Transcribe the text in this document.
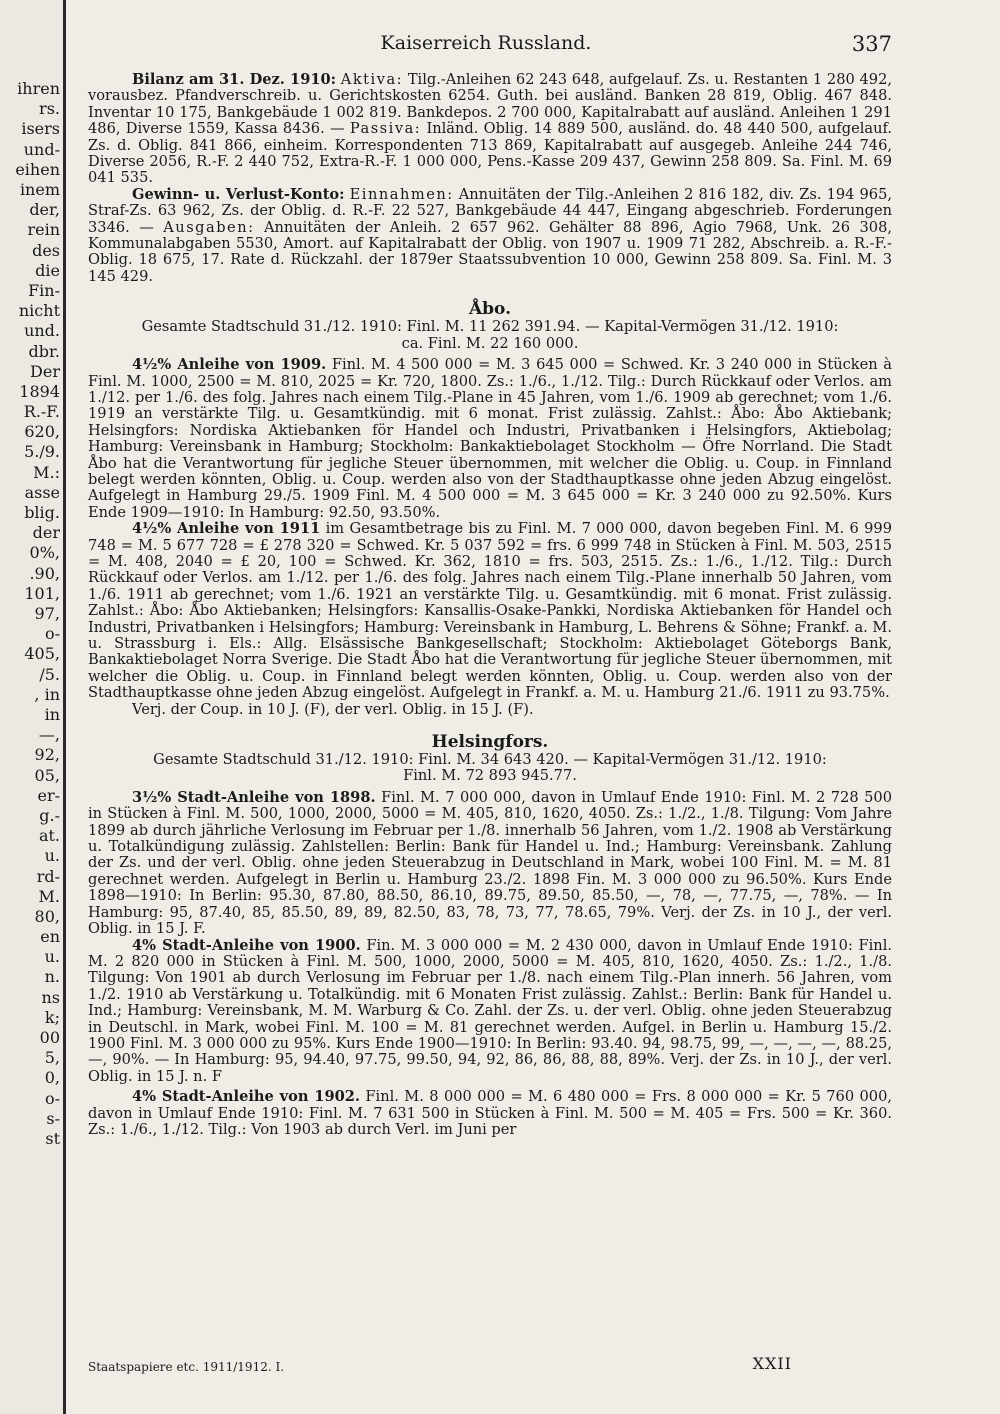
ihren
rs.
isers
und-
eihen
inem
der,
rein
des
die
Fin-
nicht
und.
dbr.
Der
1894
R.-F.
620,
5./9.
M.:
asse
blig.
der
0%,
.90,
101,
97,
o-
405,
/5.
, in
in
—,
92,
05,
er-
g.-
at.
u.
rd-
M.
80,
en
u.
n.
ns
k;
00
5,
0,
o-
s-
st
Kaiserreich Russland.	337

Bilanz am 31. Dez. 1910: Aktiva: Tilg.-Anleihen 62 243 648, aufgelauf. Zs. u. Restanten 1 280 492, vorausbez. Pfandverschreib. u. Gerichtskosten 6254. Guth. bei ausländ. Banken 28 819, Oblig. 467 848. Inventar 10 175, Bankgebäude 1 002 819. Bankdepos. 2 700 000, Kapitalrabatt auf ausländ. Anleihen 1 291 486, Diverse 1559, Kassa 8436. — Passiva: Inländ. Oblig. 14 889 500, ausländ. do. 48 440 500, aufgelauf. Zs. d. Oblig. 841 866, einheim. Korrespondenten 713 869, Kapitalrabatt auf ausgegeb. Anleihe 244 746, Diverse 2056, R.-F. 2 440 752, Extra-R.-F. 1 000 000, Pens.-Kasse 209 437, Gewinn 258 809. Sa. Finl. M. 69 041 535.

Gewinn- u. Verlust-Konto: Einnahmen: Annuitäten der Tilg.-Anleihen 2 816 182, div. Zs. 194 965, Straf-Zs. 63 962, Zs. der Oblig. d. R.-F. 22 527, Bankgebäude 44 447, Eingang abgeschrieb. Forderungen 3346. — Ausgaben: Annuitäten der Anleih. 2 657 962. Gehälter 88 896, Agio 7968, Unk. 26 308, Kommunalabgaben 5530, Amort. auf Kapitalrabatt der Oblig. von 1907 u. 1909 71 282, Abschreib. a. R.-F.-Oblig. 18 675, 17. Rate d. Rückzahl. der 1879er Staatssubvention 10 000, Gewinn 258 809. Sa. Finl. M. 3 145 429.

Åbo.

Gesamte Stadtschuld 31./12. 1910: Finl. M. 11 262 391.94. — Kapital-Vermögen 31./12. 1910:

ca. Finl. M. 22 160 000.

4½% Anleihe von 1909. Finl. M. 4 500 000 = M. 3 645 000 = Schwed. Kr. 3 240 000 in Stücken à Finl. M. 1000, 2500 = M. 810, 2025 = Kr. 720, 1800. Zs.: 1./6., 1./12. Tilg.: Durch Rückkauf oder Verlos. am 1./12. per 1./6. des folg. Jahres nach einem Tilg.-Plane in 45 Jahren, vom 1./6. 1909 ab gerechnet; vom 1./6. 1919 an verstärkte Tilg. u. Gesamtkündig. mit 6 monat. Frist zulässig. Zahlst.: Åbo: Åbo Aktiebank; Helsingfors: Nordiska Aktiebanken för Handel och Industri, Privatbanken i Helsingfors, Aktiebolag; Hamburg: Vereinsbank in Hamburg; Stockholm: Bankaktiebolaget Stockholm — Öfre Norrland. Die Stadt Åbo hat die Verantwortung für jegliche Steuer übernommen, mit welcher die Oblig. u. Coup. in Finnland belegt werden könnten, Oblig. u. Coup. werden also von der Stadthauptkasse ohne jeden Abzug eingelöst. Aufgelegt in Hamburg 29./5. 1909 Finl. M. 4 500 000 = M. 3 645 000 = Kr. 3 240 000 zu 92.50%. Kurs Ende 1909—1910: In Hamburg: 92.50, 93.50%.

4½% Anleihe von 1911 im Gesamtbetrage bis zu Finl. M. 7 000 000, davon begeben Finl. M. 6 999 748 = M. 5 677 728 = £ 278 320 = Schwed. Kr. 5 037 592 = frs. 6 999 748 in Stücken à Finl. M. 503, 2515 = M. 408, 2040 = £ 20, 100 = Schwed. Kr. 362, 1810 = frs. 503, 2515. Zs.: 1./6., 1./12. Tilg.: Durch Rückkauf oder Verlos. am 1./12. per 1./6. des folg. Jahres nach einem Tilg.-Plane innerhalb 50 Jahren, vom 1./6. 1911 ab gerechnet; vom 1./6. 1921 an verstärkte Tilg. u. Gesamtkündig. mit 6 monat. Frist zulässig. Zahlst.: Åbo: Åbo Aktiebanken; Helsingfors: Kansallis-Osake-Pankki, Nordiska Aktiebanken för Handel och Industri, Privatbanken i Helsingfors; Hamburg: Vereinsbank in Hamburg, L. Behrens & Söhne; Frankf. a. M. u. Strassburg i. Els.: Allg. Elsässische Bankgesellschaft; Stockholm: Aktiebolaget Göteborgs Bank, Bankaktiebolaget Norra Sverige. Die Stadt Åbo hat die Verantwortung für jegliche Steuer übernommen, mit welcher die Oblig. u. Coup. in Finnland belegt werden könnten, Oblig. u. Coup. werden also von der Stadthauptkasse ohne jeden Abzug eingelöst. Aufgelegt in Frankf. a. M. u. Hamburg 21./6. 1911 zu 93.75%.

Verj. der Coup. in 10 J. (F), der verl. Oblig. in 15 J. (F).

Helsingfors.

Gesamte Stadtschuld 31./12. 1910: Finl. M. 34 643 420. — Kapital-Vermögen 31./12. 1910:

Finl. M. 72 893 945.77.

3½% Stadt-Anleihe von 1898. Finl. M. 7 000 000, davon in Umlauf Ende 1910: Finl. M. 2 728 500 in Stücken à Finl. M. 500, 1000, 2000, 5000 = M. 405, 810, 1620, 4050. Zs.: 1./2., 1./8. Tilgung: Vom Jahre 1899 ab durch jährliche Verlosung im Februar per 1./8. innerhalb 56 Jahren, vom 1./2. 1908 ab Verstärkung u. Totalkündigung zulässig. Zahlstellen: Berlin: Bank für Handel u. Ind.; Hamburg: Vereinsbank. Zahlung der Zs. und der verl. Oblig. ohne jeden Steuerabzug in Deutschland in Mark, wobei 100 Finl. M. = M. 81 gerechnet werden. Aufgelegt in Berlin u. Hamburg 23./2. 1898 Fin. M. 3 000 000 zu 96.50%. Kurs Ende 1898—1910: In Berlin: 95.30, 87.80, 88.50, 86.10, 89.75, 89.50, 85.50, —, 78, —, 77.75, —, 78%. — In Hamburg: 95, 87.40, 85, 85.50, 89, 89, 82.50, 83, 78, 73, 77, 78.65, 79%. Verj. der Zs. in 10 J., der verl. Oblig. in 15 J. F.

4% Stadt-Anleihe von 1900. Fin. M. 3 000 000 = M. 2 430 000, davon in Umlauf Ende 1910: Finl. M. 2 820 000 in Stücken à Finl. M. 500, 1000, 2000, 5000 = M. 405, 810, 1620, 4050. Zs.: 1./2., 1./8. Tilgung: Von 1901 ab durch Verlosung im Februar per 1./8. nach einem Tilg.-Plan innerh. 56 Jahren, vom 1./2. 1910 ab Verstärkung u. Totalkündig. mit 6 Monaten Frist zulässig. Zahlst.: Berlin: Bank für Handel u. Ind.; Hamburg: Vereinsbank, M. M. Warburg & Co. Zahl. der Zs. u. der verl. Oblig. ohne jeden Steuerabzug in Deutschl. in Mark, wobei Finl. M. 100 = M. 81 gerechnet werden. Aufgel. in Berlin u. Hamburg 15./2. 1900 Finl. M. 3 000 000 zu 95%. Kurs Ende 1900—1910: In Berlin: 93.40. 94, 98.75, 99, —, —, —, —, 88.25, —, 90%. — In Hamburg: 95, 94.40, 97.75, 99.50, 94, 92, 86, 86, 88, 88, 89%. Verj. der Zs. in 10 J., der verl. Oblig. in 15 J. n. F

4% Stadt-Anleihe von 1902. Finl. M. 8 000 000 = M. 6 480 000 = Frs. 8 000 000 = Kr. 5 760 000, davon in Umlauf Ende 1910: Finl. M. 7 631 500 in Stücken à Finl. M. 500 = M. 405 = Frs. 500 = Kr. 360. Zs.: 1./6., 1./12. Tilg.: Von 1903 ab durch Verl. im Juni per

Staatspapiere etc. 1911/1912. I.	XXII
